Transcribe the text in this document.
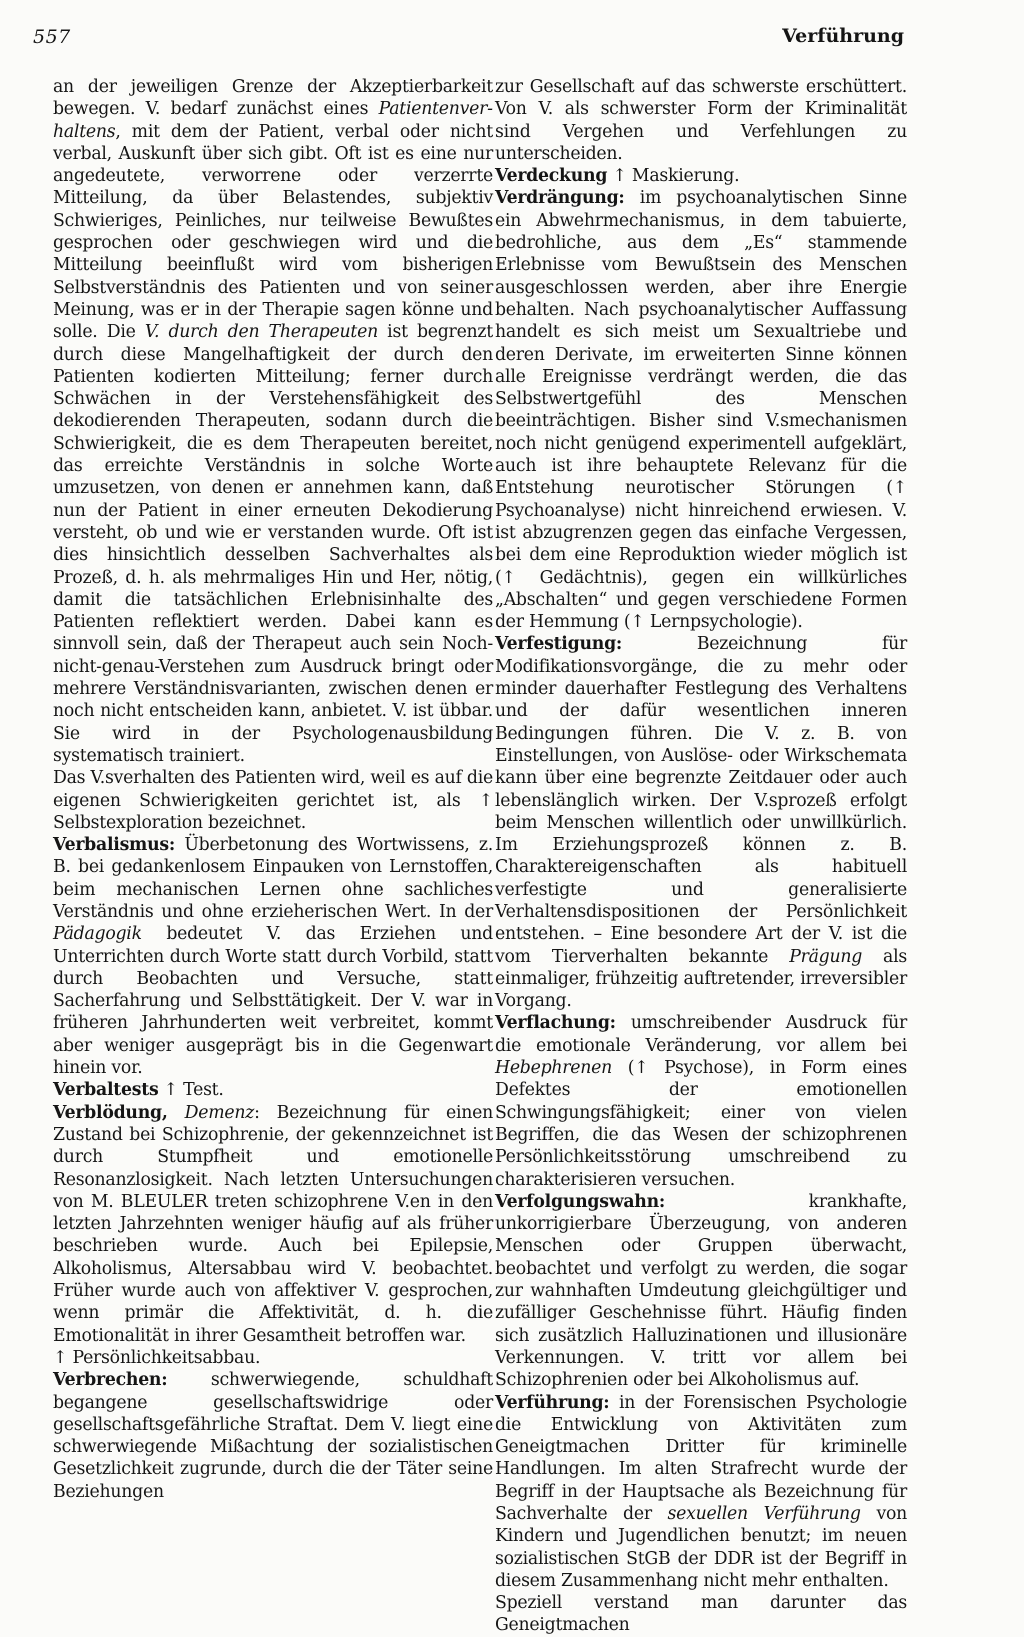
557	Verführung

an der jeweiligen Grenze der Akzeptierbarkeit bewegen. V. bedarf zunächst eines Patientenverhaltens, mit dem der Patient, verbal oder nicht verbal, Auskunft über sich gibt. Oft ist es eine nur angedeutete, verworrene oder verzerrte Mitteilung, da über Belastendes, subjektiv Schwieriges, Peinliches, nur teilweise Bewußtes gesprochen oder geschwiegen wird und die Mitteilung beeinflußt wird vom bisherigen Selbstverständnis des Patienten und von seiner Meinung, was er in der Therapie sagen könne und solle. Die V. durch den Therapeuten ist begrenzt durch diese Mangelhaftigkeit der durch den Patienten kodierten Mitteilung; ferner durch Schwächen in der Verstehensfähigkeit des dekodierenden Therapeuten, sodann durch die Schwierigkeit, die es dem Therapeuten bereitet, das erreichte Verständnis in solche Worte umzusetzen, von denen er annehmen kann, daß nun der Patient in einer erneuten Dekodierung versteht, ob und wie er verstanden wurde. Oft ist dies hinsichtlich desselben Sachverhaltes als Prozeß, d. h. als mehrmaliges Hin und Her, nötig, damit die tatsächlichen Erlebnisinhalte des Patienten reflektiert werden. Dabei kann es sinnvoll sein, daß der Therapeut auch sein Noch-nicht-genau-Verstehen zum Ausdruck bringt oder mehrere Verständnisvarianten, zwischen denen er noch nicht entscheiden kann, anbietet. V. ist übbar. Sie wird in der Psychologenausbildung systematisch trainiert.

Das V.sverhalten des Patienten wird, weil es auf die eigenen Schwierigkeiten gerichtet ist, als ↑ Selbstexploration bezeichnet.

Verbalismus: Überbetonung des Wortwissens, z. B. bei gedankenlosem Einpauken von Lernstoffen, beim mechanischen Lernen ohne sachliches Verständnis und ohne erzieherischen Wert. In der Pädagogik bedeutet V. das Erziehen und Unterrichten durch Worte statt durch Vorbild, statt durch Beobachten und Versuche, statt Sacherfahrung und Selbsttätigkeit. Der V. war in früheren Jahrhunderten weit verbreitet, kommt aber weniger ausgeprägt bis in die Gegenwart hinein vor.

Verbaltests ↑ Test.

Verblödung, Demenz: Bezeichnung für einen Zustand bei Schizophrenie, der gekennzeichnet ist durch Stumpfheit und emotionelle Resonanzlosigkeit. Nach letzten Untersuchungen von M. BLEULER treten schizophrene V.en in den letzten Jahrzehnten weniger häufig auf als früher beschrieben wurde. Auch bei Epilepsie, Alkoholismus, Altersabbau wird V. beobachtet. Früher wurde auch von affektiver V. gesprochen, wenn primär die Affektivität, d. h. die Emotionalität in ihrer Gesamtheit betroffen war.

↑ Persönlichkeitsabbau.

Verbrechen: schwerwiegende, schuldhaft begangene gesellschaftswidrige oder gesellschaftsgefährliche Straftat. Dem V. liegt eine schwerwiegende Mißachtung der sozialistischen Gesetzlichkeit zugrunde, durch die der Täter seine Beziehungen

zur Gesellschaft auf das schwerste erschüttert. Von V. als schwerster Form der Kriminalität sind Vergehen und Verfehlungen zu unterscheiden.

Verdeckung ↑ Maskierung.

Verdrängung: im psychoanalytischen Sinne ein Abwehrmechanismus, in dem tabuierte, bedrohliche, aus dem „Es“ stammende Erlebnisse vom Bewußtsein des Menschen ausgeschlossen werden, aber ihre Energie behalten. Nach psychoanalytischer Auffassung handelt es sich meist um Sexualtriebe und deren Derivate, im erweiterten Sinne können alle Ereignisse verdrängt werden, die das Selbstwertgefühl des Menschen beeinträchtigen. Bisher sind V.smechanismen noch nicht genügend experimentell aufgeklärt, auch ist ihre behauptete Relevanz für die Entstehung neurotischer Störungen (↑ Psychoanalyse) nicht hinreichend erwiesen. V. ist abzugrenzen gegen das einfache Vergessen, bei dem eine Reproduktion wieder möglich ist (↑ Gedächtnis), gegen ein willkürliches „Abschalten“ und gegen verschiedene Formen der Hemmung (↑ Lernpsychologie).

Verfestigung: Bezeichnung für Modifikationsvorgänge, die zu mehr oder minder dauerhafter Festlegung des Verhaltens und der dafür wesentlichen inneren Bedingungen führen. Die V. z. B. von Einstellungen, von Auslöse- oder Wirkschemata kann über eine begrenzte Zeitdauer oder auch lebenslänglich wirken. Der V.sprozeß erfolgt beim Menschen willentlich oder unwillkürlich. Im Erziehungsprozeß können z. B. Charaktereigenschaften als habituell verfestigte und generalisierte Verhaltensdispositionen der Persönlichkeit entstehen. – Eine besondere Art der V. ist die vom Tierverhalten bekannte Prägung als einmaliger, frühzeitig auftretender, irreversibler Vorgang.

Verflachung: umschreibender Ausdruck für die emotionale Veränderung, vor allem bei Hebephrenen (↑ Psychose), in Form eines Defektes der emotionellen Schwingungsfähigkeit; einer von vielen Begriffen, die das Wesen der schizophrenen Persönlichkeitsstörung umschreibend zu charakterisieren versuchen.

Verfolgungswahn: krankhafte, unkorrigierbare Überzeugung, von anderen Menschen oder Gruppen überwacht, beobachtet und verfolgt zu werden, die sogar zur wahnhaften Umdeutung gleichgültiger und zufälliger Geschehnisse führt. Häufig finden sich zusätzlich Halluzinationen und illusionäre Verkennungen. V. tritt vor allem bei Schizophrenien oder bei Alkoholismus auf.

Verführung: in der Forensischen Psychologie die Entwicklung von Aktivitäten zum Geneigtmachen Dritter für kriminelle Handlungen. Im alten Strafrecht wurde der Begriff in der Hauptsache als Bezeichnung für Sachverhalte der sexuellen Verführung von Kindern und Jugendlichen benutzt; im neuen sozialistischen StGB der DDR ist der Begriff in diesem Zusammenhang nicht mehr enthalten.

Speziell verstand man darunter das Geneigtmachen
